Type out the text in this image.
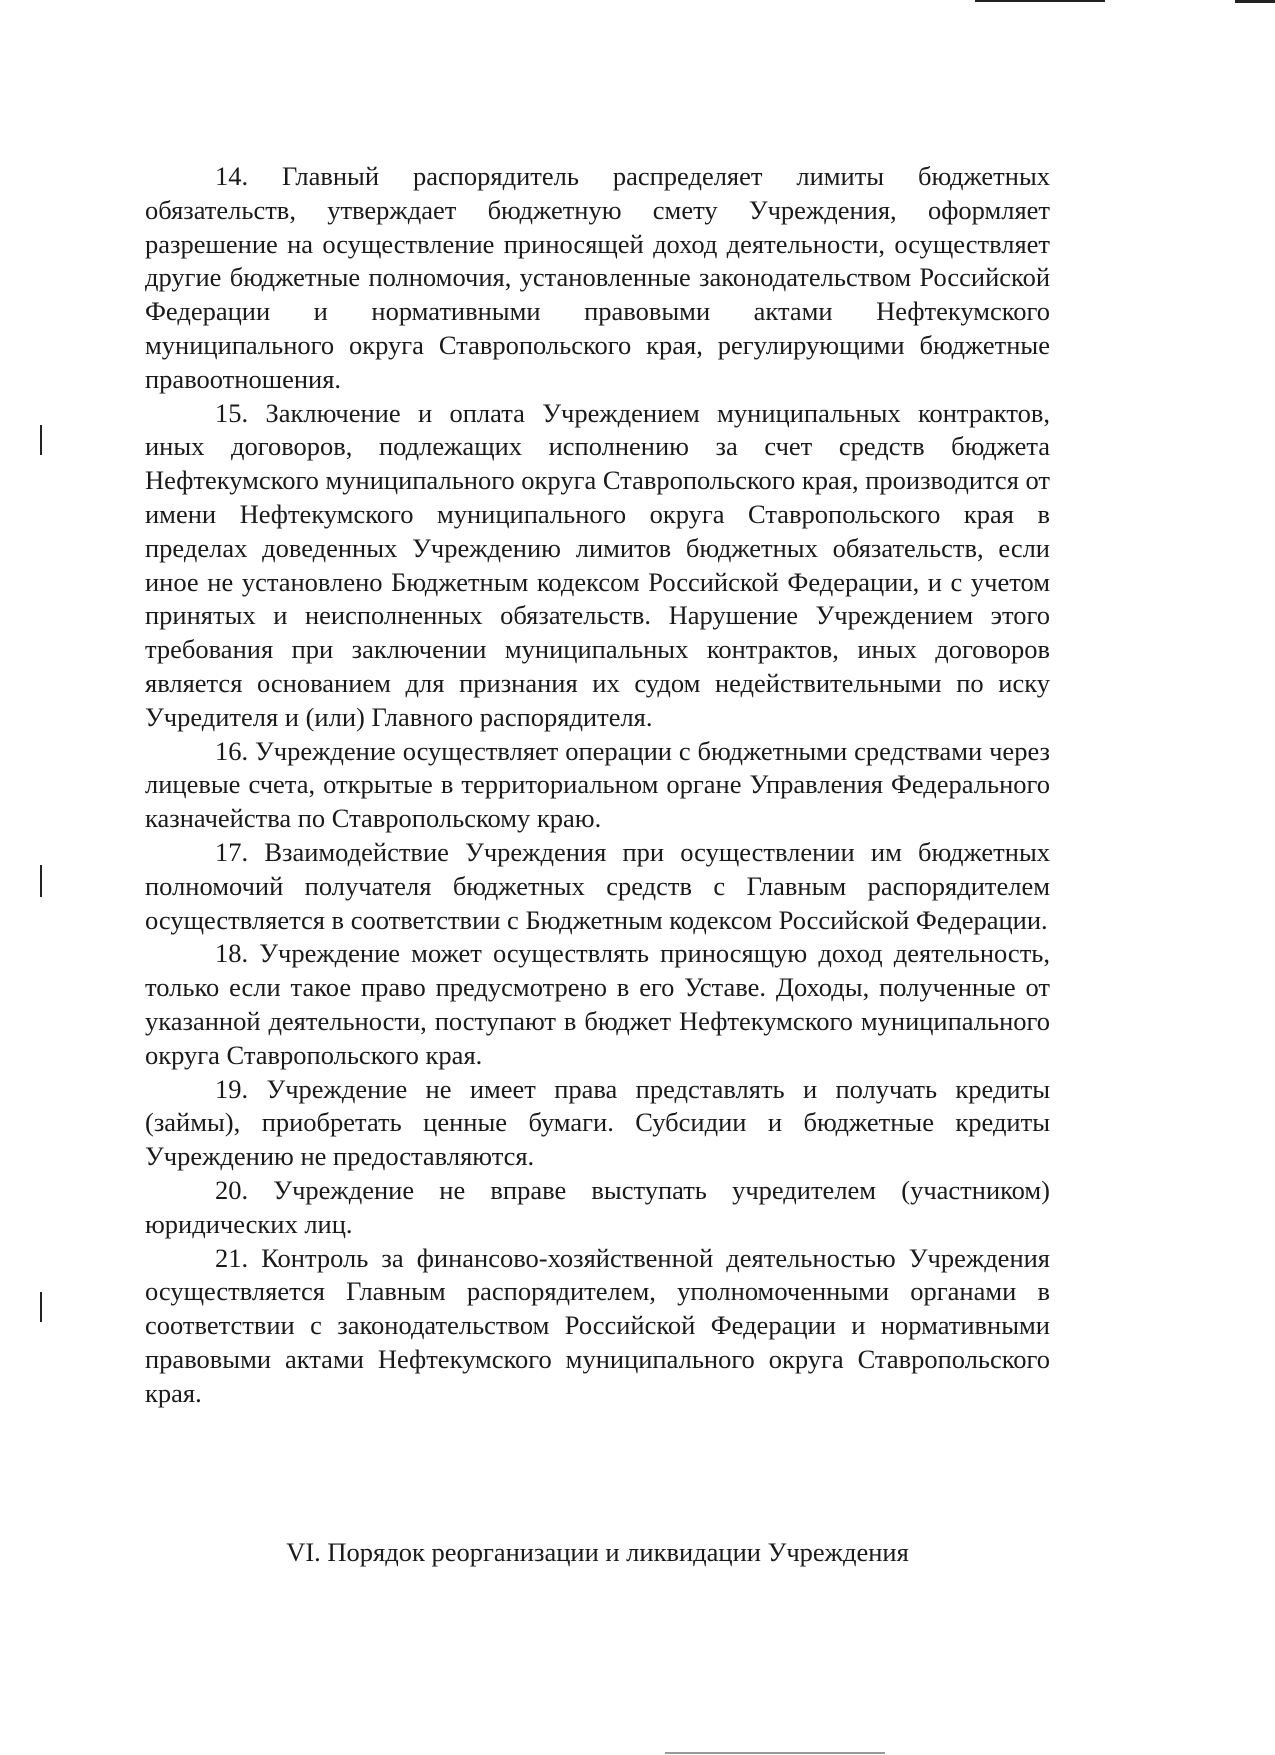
14. Главный распорядитель распределяет лимиты бюджетных обязательств, утверждает бюджетную смету Учреждения, оформляет разрешение на осуществление приносящей доход деятельности, осуществляет другие бюджетные полномочия, установленные законодательством Российской Федерации и нормативными правовыми актами Нефтекумского муниципального округа Ставропольского края, регулирующими бюджетные правоотношения.

15. Заключение и оплата Учреждением муниципальных контрактов, иных договоров, подлежащих исполнению за счет средств бюджета Нефтекумского муниципального округа Ставропольского края, производится от имени Нефтекумского муниципального округа Ставропольского края в пределах доведенных Учреждению лимитов бюджетных обязательств, если иное не установлено Бюджетным кодексом Российской Федерации, и с учетом принятых и неисполненных обязательств. Нарушение Учреждением этого требования при заключении муниципальных контрактов, иных договоров является основанием для признания их судом недействительными по иску Учредителя и (или) Главного распорядителя.

16. Учреждение осуществляет операции с бюджетными средствами через лицевые счета, открытые в территориальном органе Управления Федерального казначейства по Ставропольскому краю.

17. Взаимодействие Учреждения при осуществлении им бюджетных полномочий получателя бюджетных средств с Главным распорядителем осуществляется в соответствии с Бюджетным кодексом Российской Федерации.

18. Учреждение может осуществлять приносящую доход деятельность, только если такое право предусмотрено в его Уставе. Доходы, полученные от указанной деятельности, поступают в бюджет Нефтекумского муниципального округа Ставропольского края.

19. Учреждение не имеет права представлять и получать кредиты (займы), приобретать ценные бумаги. Субсидии и бюджетные кредиты Учреждению не предоставляются.

20. Учреждение не вправе выступать учредителем (участником) юридических лиц.

21. Контроль за финансово-хозяйственной деятельностью Учреждения осуществляется Главным распорядителем, уполномоченными органами в соответствии с законодательством Российской Федерации и нормативными правовыми актами Нефтекумского муниципального округа Ставропольского края.

VI. Порядок реорганизации и ликвидации Учреждения
